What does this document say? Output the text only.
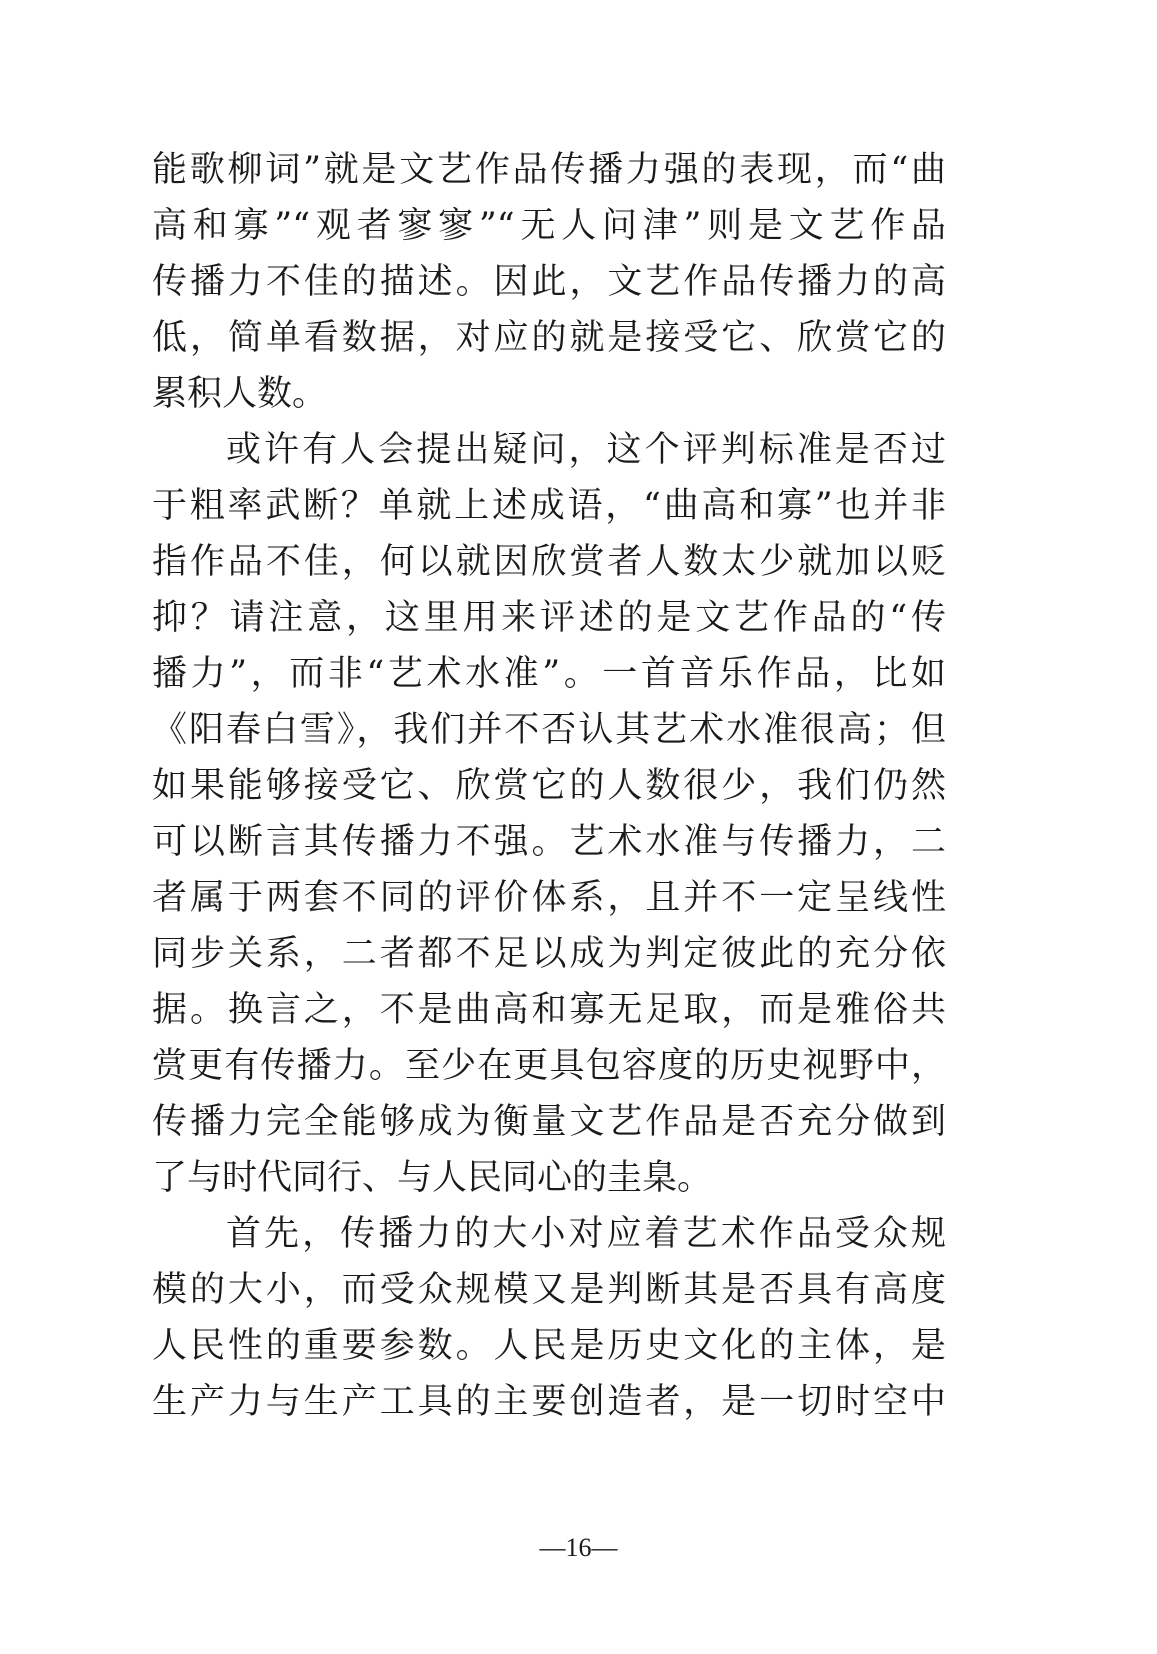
能歌柳词”就是文艺作品传播力强的表现，而“曲
高和寡”“观者寥寥”“无人问津”则是文艺作品
传播力不佳的描述。因此，文艺作品传播力的高
低，简单看数据，对应的就是接受它、欣赏它的
累积人数。
或许有人会提出疑问，这个评判标准是否过
于粗率武断？单就上述成语，“曲高和寡”也并非
指作品不佳，何以就因欣赏者人数太少就加以贬
抑？请注意，这里用来评述的是文艺作品的“传
播力”，而非“艺术水准”。一首音乐作品，比如
《阳春白雪》，我们并不否认其艺术水准很高；但
如果能够接受它、欣赏它的人数很少，我们仍然
可以断言其传播力不强。艺术水准与传播力，二
者属于两套不同的评价体系，且并不一定呈线性
同步关系，二者都不足以成为判定彼此的充分依
据。换言之，不是曲高和寡无足取，而是雅俗共
赏更有传播力。至少在更具包容度的历史视野中，
传播力完全能够成为衡量文艺作品是否充分做到
了与时代同行、与人民同心的圭臬。
首先，传播力的大小对应着艺术作品受众规
模的大小，而受众规模又是判断其是否具有高度
人民性的重要参数。人民是历史文化的主体，是
生产力与生产工具的主要创造者，是一切时空中
—16—
